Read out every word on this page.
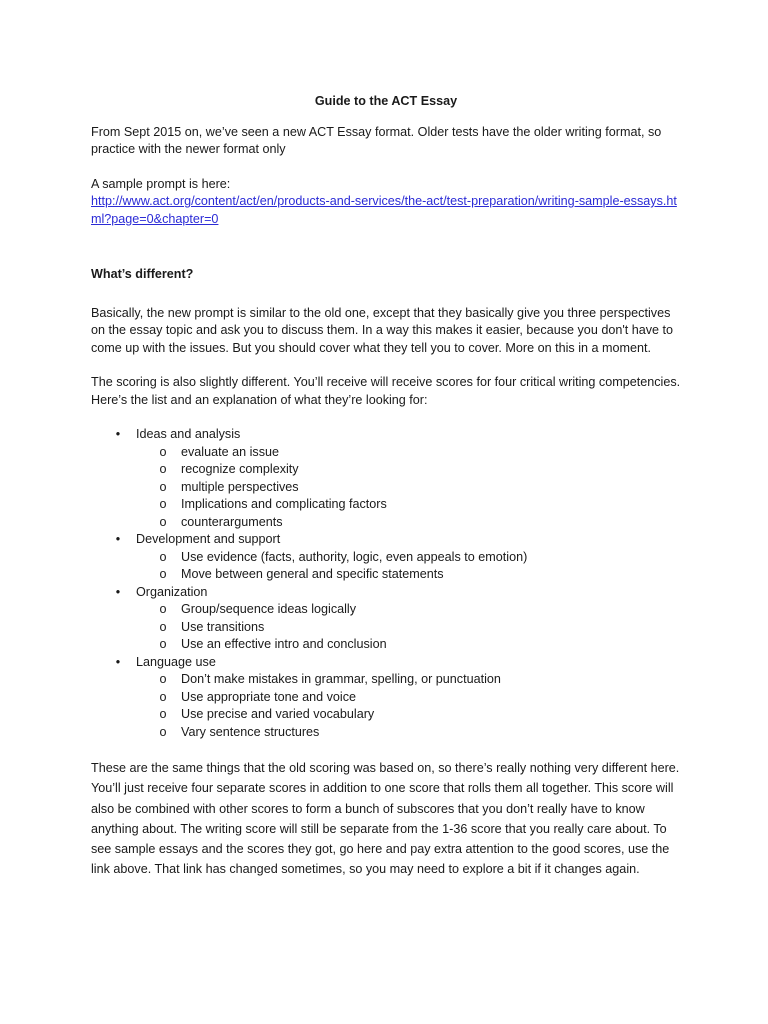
Guide to the ACT Essay

From Sept 2015 on, we’ve seen a new ACT Essay format. Older tests have the older writing format, so practice with the newer format only

A sample prompt is here:

http://www.act.org/content/act/en/products-and-services/the-act/test-preparation/writing-sample-essays.html?page=0&chapter=0

What’s different?

Basically, the new prompt is similar to the old one, except that they basically give you three perspectives on the essay topic and ask you to discuss them. In a way this makes it easier, because you don't have to come up with the issues. But you should cover what they tell you to cover. More on this in a moment.

The scoring is also slightly different. You’ll receive will receive scores for four critical writing competencies. Here’s the list and an explanation of what they’re looking for:

• Ideas and analysis
o evaluate an issue
o recognize complexity
o multiple perspectives
o Implications and complicating factors
o counterarguments
• Development and support
o Use evidence (facts, authority, logic, even appeals to emotion)
o Move between general and specific statements
• Organization
o Group/sequence ideas logically
o Use transitions
o Use an effective intro and conclusion
• Language use
o Don’t make mistakes in grammar, spelling, or punctuation
o Use appropriate tone and voice
o Use precise and varied vocabulary
o Vary sentence structures

These are the same things that the old scoring was based on, so there’s really nothing very different here. You’ll just receive four separate scores in addition to one score that rolls them all together. This score will also be combined with other scores to form a bunch of subscores that you don’t really have to know anything about. The writing score will still be separate from the 1-36 score that you really care about. To see sample essays and the scores they got, go here and pay extra attention to the good scores, use the link above. That link has changed sometimes, so you may need to explore a bit if it changes again.
